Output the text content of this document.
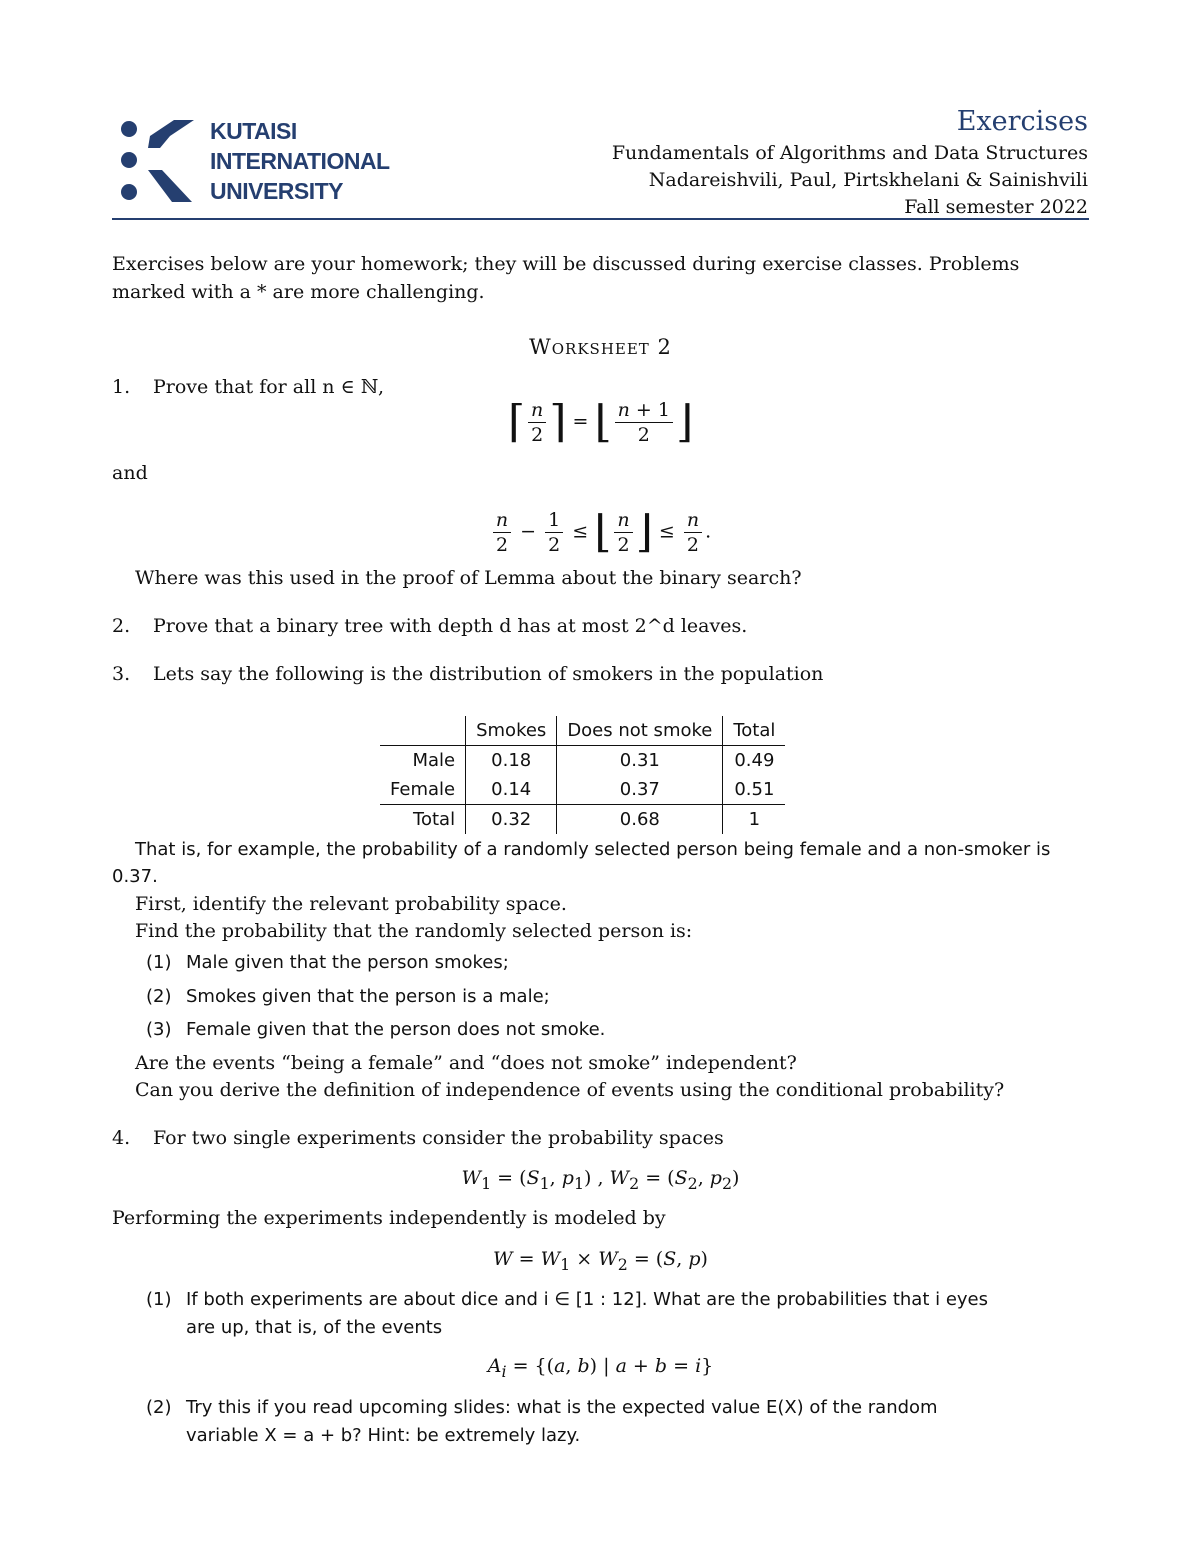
KUTAISI
INTERNATIONAL
UNIVERSITY
Exercises
Fundamentals of Algorithms and Data Structures
Nadareishvili, Paul, Pirtskhelani & Sainishvili
Fall semester 2022
Exercises below are your homework; they will be discussed during exercise classes. Problems marked with a * are more challenging.
Worksheet 2
1. Prove that for all n ∈ ℕ,
⌈ $\frac{n}{2}$ ⌉ = ⌊ $\frac{n + 1}{2}$ ⌋
and
$\frac{n}{2} - \frac{1}{2}$ ≤ ⌊ $\frac{n}{2}$ ⌋ ≤ $\frac{n}{2}$ .
Where was this used in the proof of Lemma about the binary search?
2. Prove that a binary tree with depth d has at most 2^d leaves.
3. Lets say the following is the distribution of smokers in the population
	Smokes	Does not smoke	Total
Male	0.18	0.31	0.49
Female	0.14	0.37	0.51
Total	0.32	0.68	1
That is, for example, the probability of a randomly selected person being female and a non-smoker is 0.37.
First, identify the relevant probability space.
Find the probability that the randomly selected person is:
(1) Male given that the person smokes;
(2) Smokes given that the person is a male;
(3) Female given that the person does not smoke.
Are the events “being a female” and “does not smoke” independent?
Can you derive the definition of independence of events using the conditional probability?
4. For two single experiments consider the probability spaces
$W_1 = (S_1$, $p_1$) , $W_2 = (S_2$, $p_2$)
Performing the experiments independently is modeled by
$W = W_1 \times W_2 = (S$, p)
(1) If both experiments are about dice and i ∈ [1 : 12]. What are the probabilities that i eyes
are up, that is, of the events
$A_i = \{(a$, b) | a + b = i}
(2) Try this if you read upcoming slides: what is the expected value E(X) of the random
variable X = a + b? Hint: be extremely lazy.
